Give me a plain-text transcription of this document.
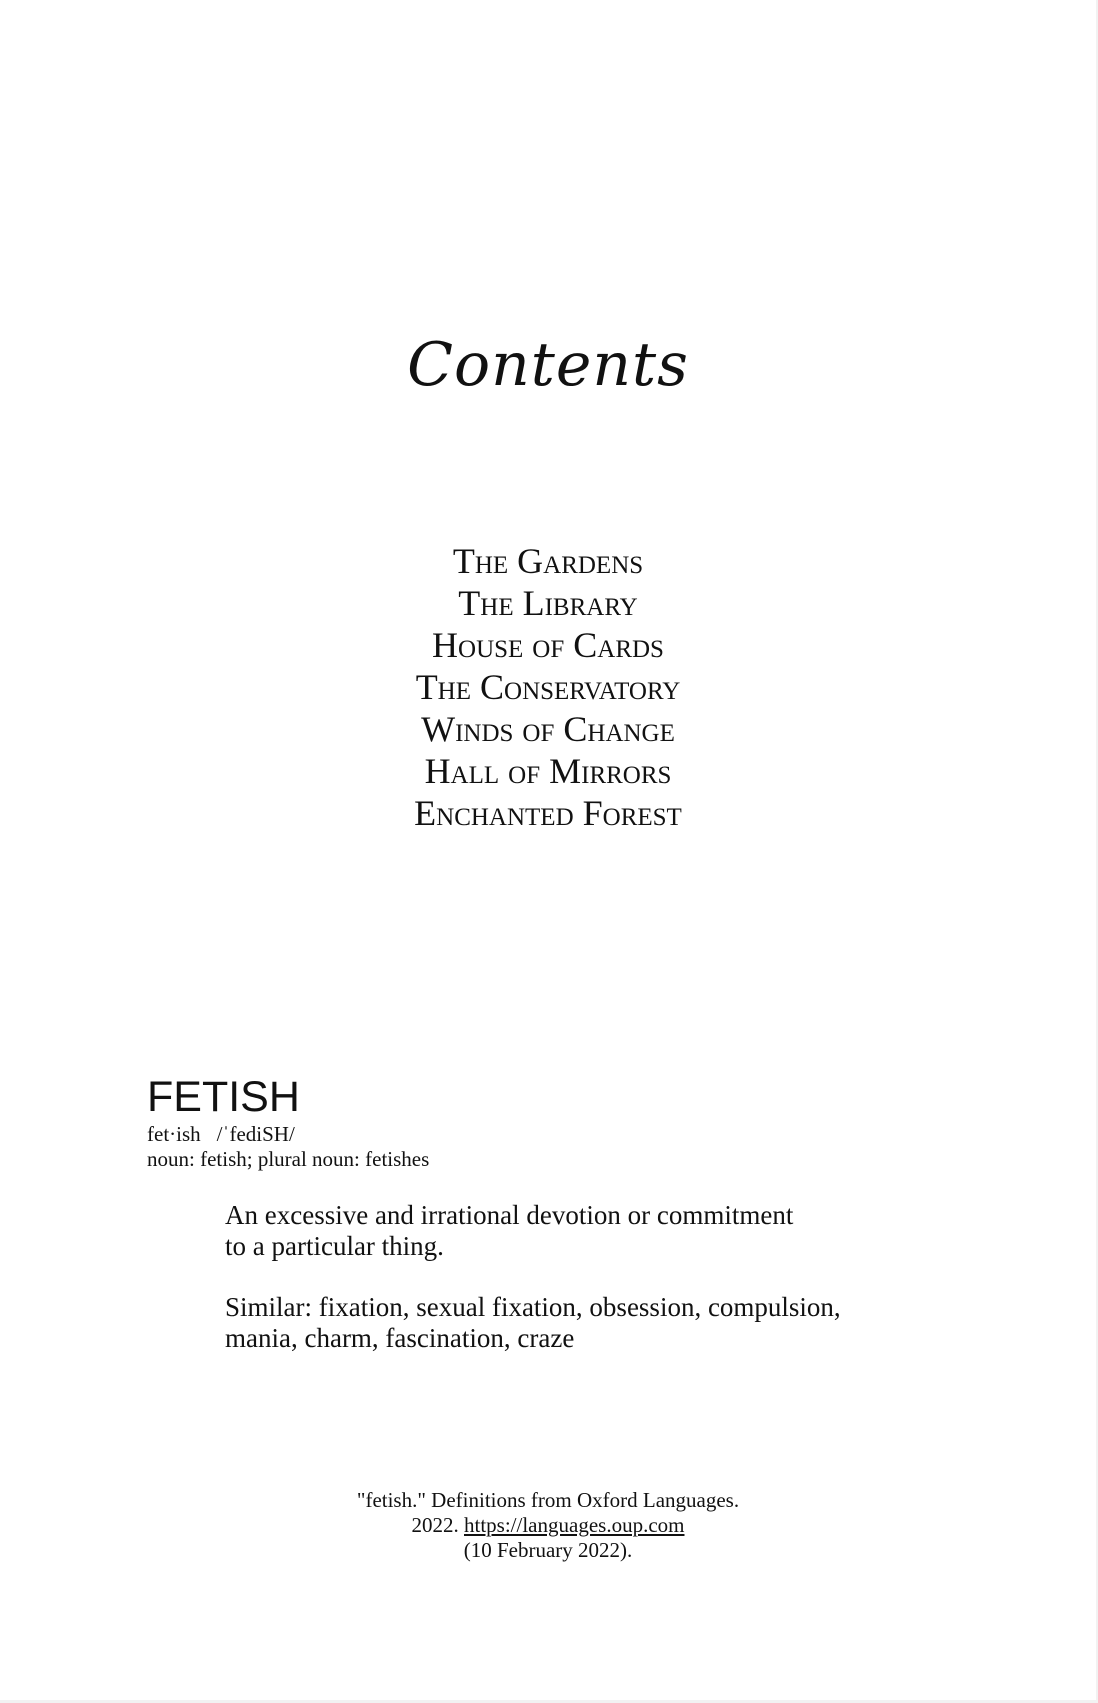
Contents
The Gardens
The Library
House of Cards
The Conservatory
Winds of Change
Hall of Mirrors
Enchanted Forest
FETISH
fet·ish /ˈfediSH/
noun: fetish; plural noun: fetishes

An excessive and irrational devotion or commitment
to a particular thing.

Similar: fixation, sexual fixation, obsession, compulsion,
mania, charm, fascination, craze

"fetish." Definitions from Oxford Languages.
2022. https://languages.oup.com
(10 February 2022).
